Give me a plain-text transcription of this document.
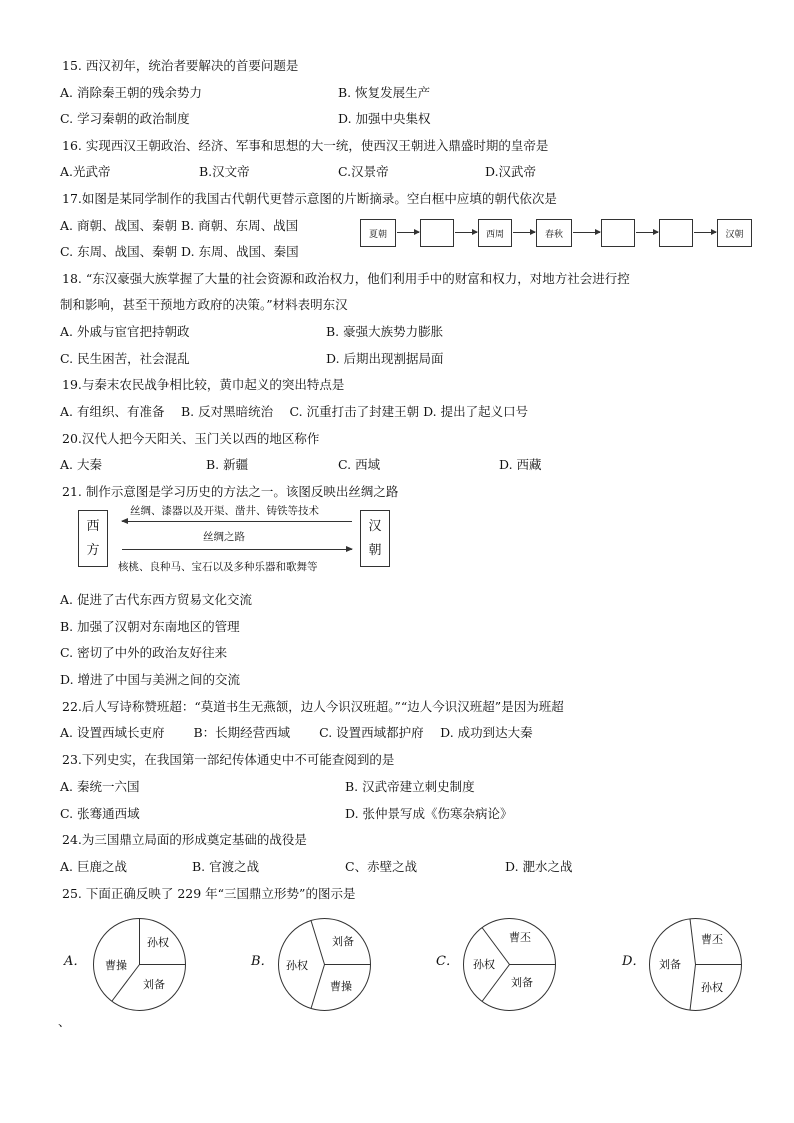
15. 西汉初年，统治者要解决的首要问题是
A. 消除秦王朝的残余势力	B. 恢复发展生产
C. 学习秦朝的政治制度	D. 加强中央集权
16. 实现西汉王朝政治、经济、军事和思想的大一统，使西汉王朝进入鼎盛时期的皇帝是
A.光武帝	B.汉文帝	C.汉景帝	D.汉武帝
17.如图是某同学制作的我国古代朝代更替示意图的片断摘录。空白框中应填的朝代依次是
A. 商朝、战国、秦朝 B. 商朝、东周、战国
C. 东周、战国、秦朝 D. 东周、战国、秦国
夏朝	西周	春秋	汉朝
18. “东汉豪强大族掌握了大量的社会资源和政治权力，他们利用手中的财富和权力，对地方社会进行控
制和影响，甚至干预地方政府的决策。”材料表明东汉
A. 外戚与宦官把持朝政	B. 豪强大族势力膨胀
C. 民生困苦，社会混乱	D. 后期出现割据局面
19.与秦末农民战争相比较，黄巾起义的突出特点是
A. 有组织、有准备　 B. 反对黑暗统治　 C. 沉重打击了封建王朝 D. 提出了起义口号
20.汉代人把今天阳关、玉门关以西的地区称作
A. 大秦	B. 新疆	C. 西域	D. 西藏
21. 制作示意图是学习历史的方法之一。该图反映出丝绸之路
西
方
汉
朝
丝绸、漆器以及开渠、凿井、铸铁等技术
丝绸之路
核桃、良种马、宝石以及多种乐器和歌舞等
A. 促进了古代东西方贸易文化交流
B. 加强了汉朝对东南地区的管理
C. 密切了中外的政治友好往来
D. 增进了中国与美洲之间的交流
22.后人写诗称赞班超：“莫道书生无燕颔，边人今识汉班超。”“边人今识汉班超”是因为班超
A. 设置西域长吏府　　 B：长期经营西域　　 C. 设置西域都护府　 D. 成功到达大秦
23.下列史实，在我国第一部纪传体通史中不可能查阅到的是
A. 秦统一六国	B. 汉武帝建立刺史制度
C. 张骞通西域	D. 张仲景写成《伤寒杂病论》
24.为三国鼎立局面的形成奠定基础的战役是
A. 巨鹿之战	B. 官渡之战	C、赤壁之战	D. 淝水之战
25. 下面正确反映了 229 年“三国鼎立形势”的图示是
A．
孙权
曹操
刘备
B．
刘备
孙权
曹操
C．
曹丕
孙权
刘备
D．
曹丕
刘备
孙权
、
